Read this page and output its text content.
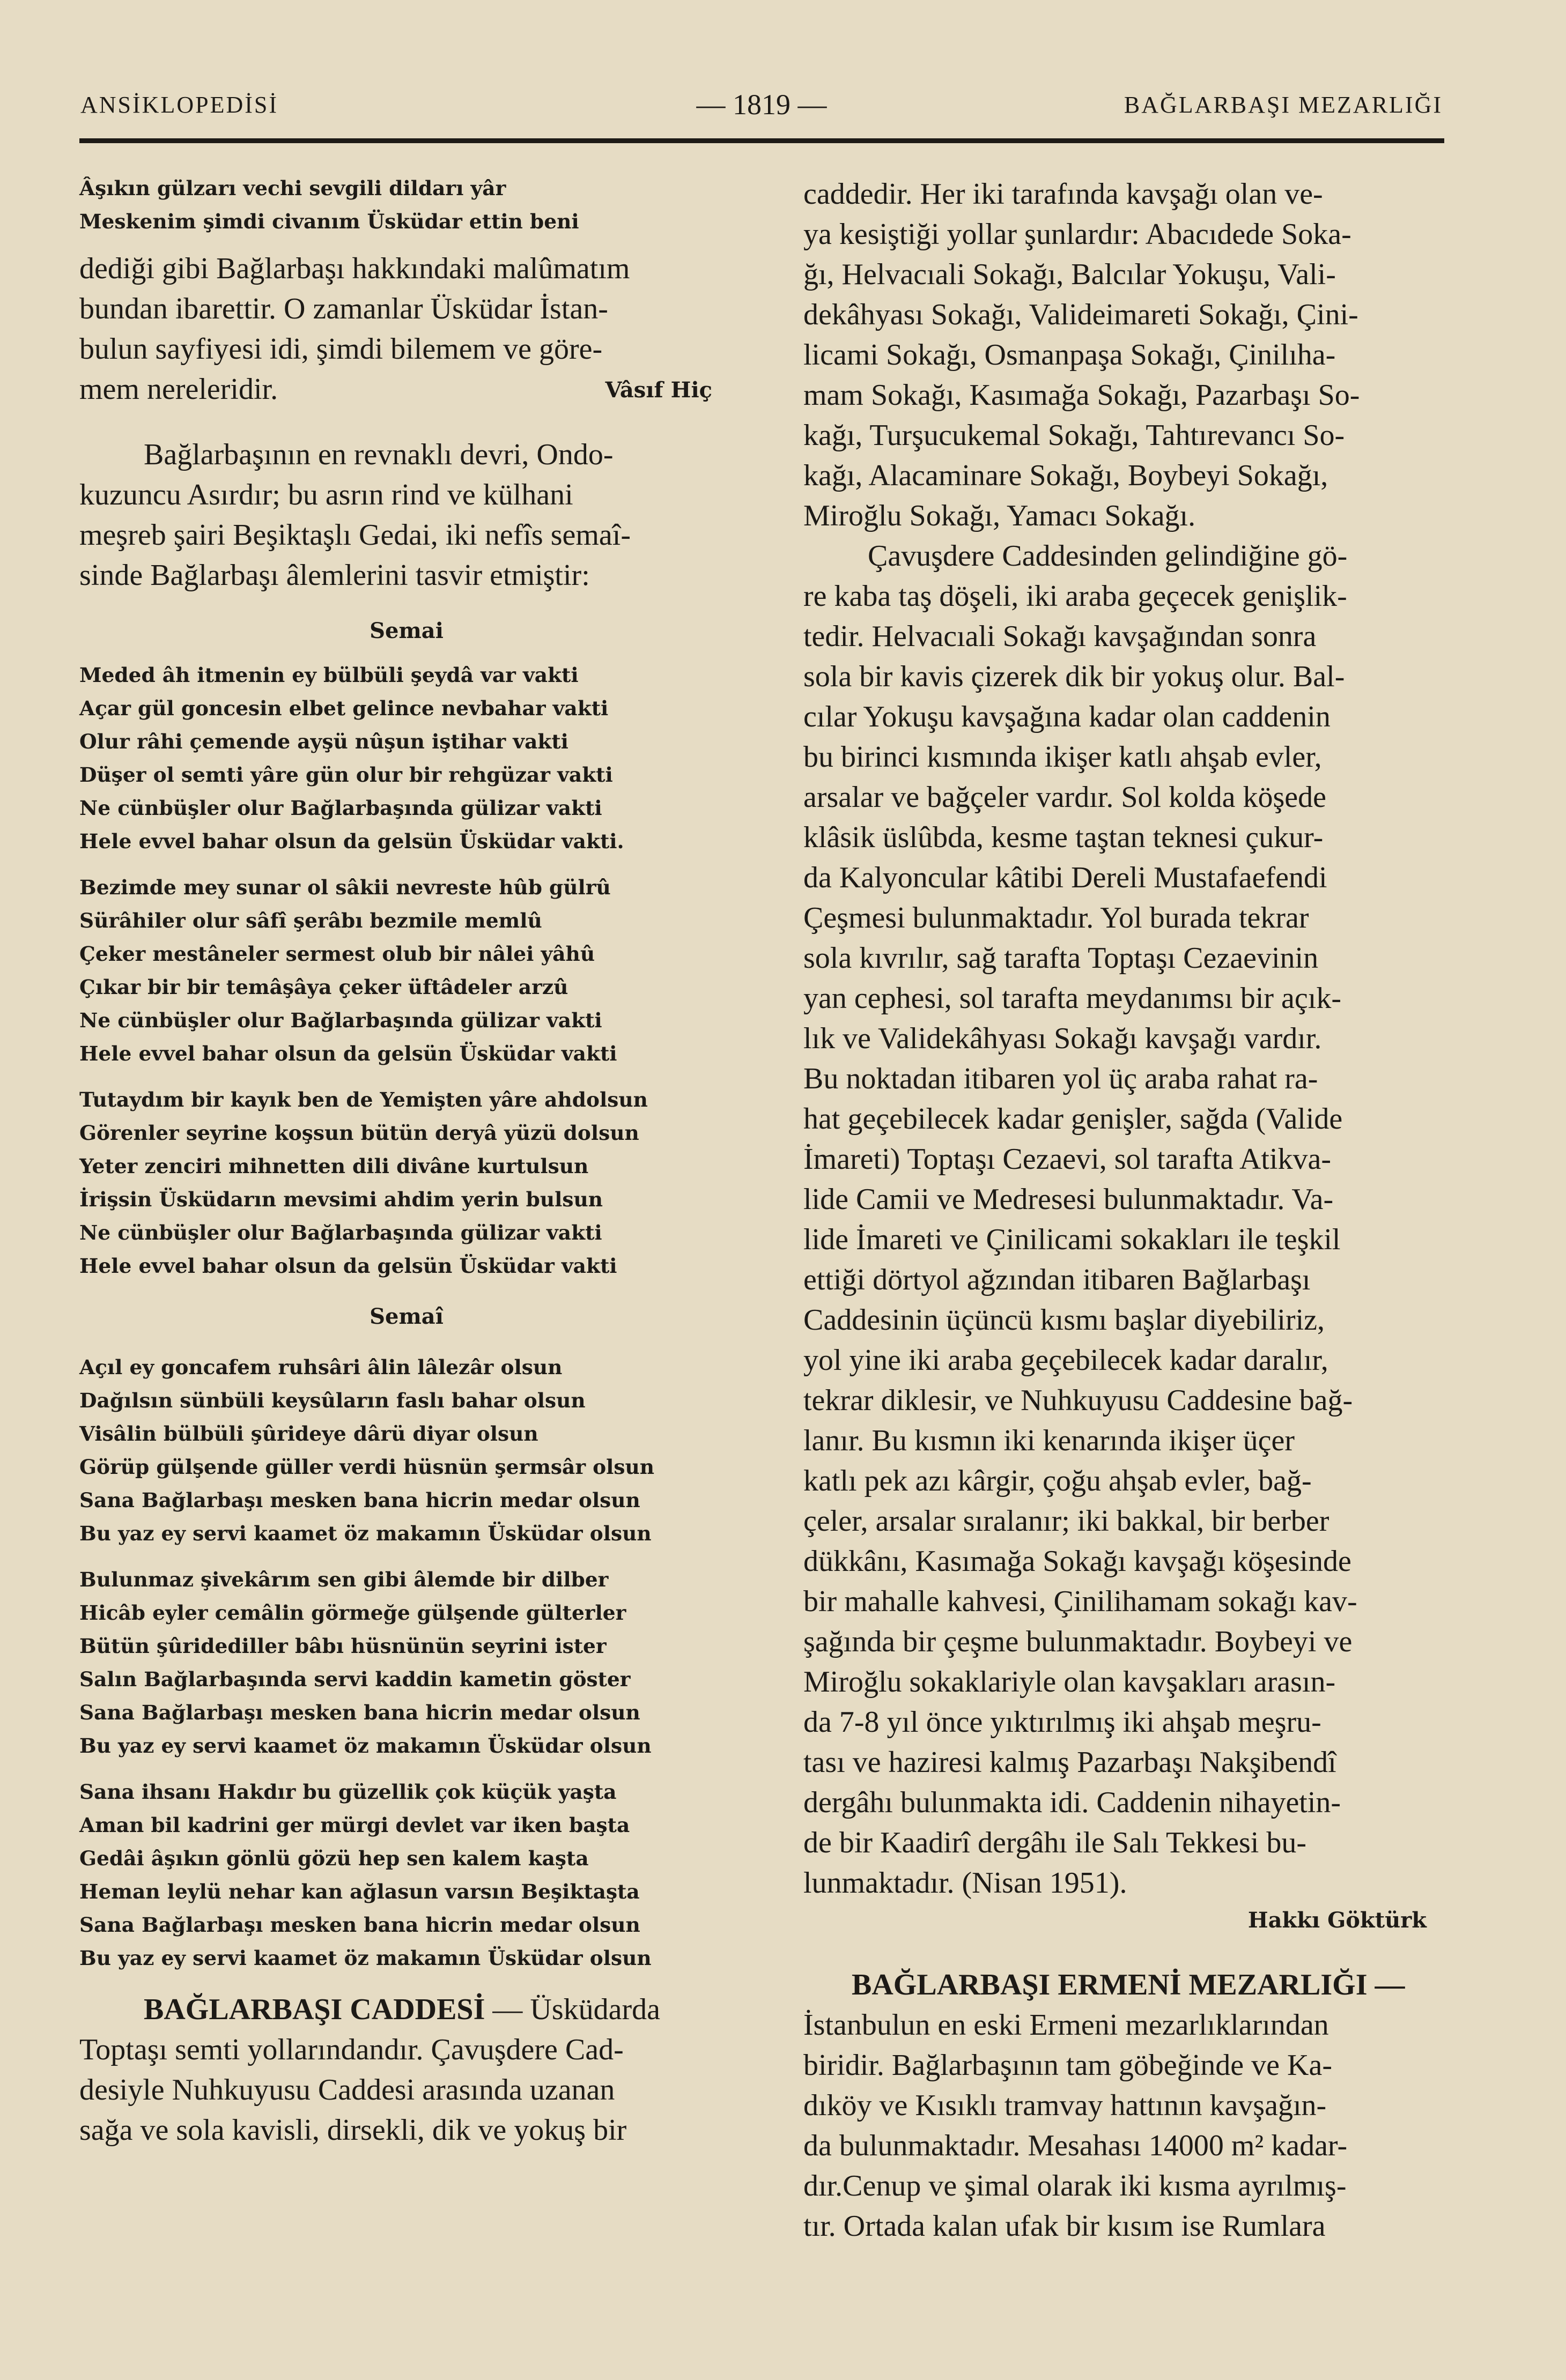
ANSİKLOPEDİSİ	— 1819 —	BAĞLARBAŞI MEZARLIĞI

Âşıkın gülzarı vechi sevgili dildarı yâr

Meskenim şimdi civanım Üsküdar ettin beni

dediği gibi Bağlarbaşı hakkındaki malûmatım
bundan ibarettir. O zamanlar Üsküdar İstan-
bulun sayfiyesi idi, şimdi bilemem ve göre-
mem nereleridir.	Vâsıf Hiç

Bağlarbaşının en revnaklı devri, Ondo-
kuzuncu Asırdır; bu asrın rind ve külhani
meşreb şairi Beşiktaşlı Gedai, iki nefîs semaî-
sinde Bağlarbaşı âlemlerini tasvir etmiştir:

Semai

Meded âh itmenin ey bülbüli şeydâ var vakti

Açar gül goncesin elbet gelince nevbahar vakti

Olur râhi çemende ayşü nûşun iştihar vakti

Düşer ol semti yâre gün olur bir rehgüzar vakti

Ne cünbüşler olur Bağlarbaşında gülizar vakti

Hele evvel bahar olsun da gelsün Üsküdar vakti.

Bezimde mey sunar ol sâkii nevreste hûb gülrû

Sürâhiler olur sâfî şerâbı bezmile memlû

Çeker mestâneler sermest olub bir nâlei yâhû

Çıkar bir bir temâşâya çeker üftâdeler arzû

Ne cünbüşler olur Bağlarbaşında gülizar vakti

Hele evvel bahar olsun da gelsün Üsküdar vakti

Tutaydım bir kayık ben de Yemişten yâre ahdolsun

Görenler seyrine koşsun bütün deryâ yüzü dolsun

Yeter zenciri mihnetten dili divâne kurtulsun

İrişsin Üsküdarın mevsimi ahdim yerin bulsun

Ne cünbüşler olur Bağlarbaşında gülizar vakti

Hele evvel bahar olsun da gelsün Üsküdar vakti

Semaî

Açıl ey goncafem ruhsâri âlin lâlezâr olsun

Dağılsın sünbüli keysûların faslı bahar olsun

Visâlin bülbüli şûrideye dârü diyar olsun

Görüp gülşende güller verdi hüsnün şermsâr olsun

Sana Bağlarbaşı mesken bana hicrin medar olsun

Bu yaz ey servi kaamet öz makamın Üsküdar olsun

Bulunmaz şivekârım sen gibi âlemde bir dilber

Hicâb eyler cemâlin görmeğe gülşende gülterler

Bütün şûridediller bâbı hüsnünün seyrini ister

Salın Bağlarbaşında servi kaddin kametin göster

Sana Bağlarbaşı mesken bana hicrin medar olsun

Bu yaz ey servi kaamet öz makamın Üsküdar olsun

Sana ihsanı Hakdır bu güzellik çok küçük yaşta

Aman bil kadrini ger mürgi devlet var iken başta

Gedâi âşıkın gönlü gözü hep sen kalem kaşta

Heman leylü nehar kan ağlasun varsın Beşiktaşta

Sana Bağlarbaşı mesken bana hicrin medar olsun

Bu yaz ey servi kaamet öz makamın Üsküdar olsun

BAĞLARBAŞI CADDESİ — Üsküdarda
Toptaşı semti yollarındandır. Çavuşdere Cad-
desiyle Nuhkuyusu Caddesi arasında uzanan
sağa ve sola kavisli, dirsekli, dik ve yokuş bir
caddedir. Her iki tarafında kavşağı olan ve-
ya kesiştiği yollar şunlardır: Abacıdede Soka-
ğı, Helvacıali Sokağı, Balcılar Yokuşu, Vali-
dekâhyası Sokağı, Valideimareti Sokağı, Çini-
licami Sokağı, Osmanpaşa Sokağı, Çinilıha-
mam Sokağı, Kasımağa Sokağı, Pazarbaşı So-
kağı, Turşucukemal Sokağı, Tahtırevancı So-
kağı, Alacaminare Sokağı, Boybeyi Sokağı,
Miroğlu Sokağı, Yamacı Sokağı.
Çavuşdere Caddesinden gelindiğine gö-
re kaba taş döşeli, iki araba geçecek genişlik-
tedir. Helvacıali Sokağı kavşağından sonra
sola bir kavis çizerek dik bir yokuş olur. Bal-
cılar Yokuşu kavşağına kadar olan caddenin
bu birinci kısmında ikişer katlı ahşab evler,
arsalar ve bağçeler vardır. Sol kolda köşede
klâsik üslûbda, kesme taştan teknesi çukur-
da Kalyoncular kâtibi Dereli Mustafaefendi
Çeşmesi bulunmaktadır. Yol burada tekrar
sola kıvrılır, sağ tarafta Toptaşı Cezaevinin
yan cephesi, sol tarafta meydanımsı bir açık-
lık ve Validekâhyası Sokağı kavşağı vardır.
Bu noktadan itibaren yol üç araba rahat ra-
hat geçebilecek kadar genişler, sağda (Valide
İmareti) Toptaşı Cezaevi, sol tarafta Atikva-
lide Camii ve Medresesi bulunmaktadır. Va-
lide İmareti ve Çinilicami sokakları ile teşkil
ettiği dörtyol ağzından itibaren Bağlarbaşı
Caddesinin üçüncü kısmı başlar diyebiliriz,
yol yine iki araba geçebilecek kadar daralır,
tekrar diklesir, ve Nuhkuyusu Caddesine bağ-
lanır. Bu kısmın iki kenarında ikişer üçer
katlı pek azı kârgir, çoğu ahşab evler, bağ-
çeler, arsalar sıralanır; iki bakkal, bir berber
dükkânı, Kasımağa Sokağı kavşağı köşesinde
bir mahalle kahvesi, Çinilihamam sokağı kav-
şağında bir çeşme bulunmaktadır. Boybeyi ve
Miroğlu sokaklariyle olan kavşakları arasın-
da 7-8 yıl önce yıktırılmış iki ahşab meşru-
tası ve haziresi kalmış Pazarbaşı Nakşibendî
dergâhı bulunmakta idi. Caddenin nihayetin-
de bir Kaadirî dergâhı ile Salı Tekkesi bu-
lunmaktadır. (Nisan 1951).

Hakkı Göktürk

BAĞLARBAŞI ERMENİ MEZARLIĞI —
İstanbulun en eski Ermeni mezarlıklarından
biridir. Bağlarbaşının tam göbeğinde ve Ka-
dıköy ve Kısıklı tramvay hattının kavşağın-
da bulunmaktadır. Mesahası 14000 m² kadar-
dır.Cenup ve şimal olarak iki kısma ayrılmış-
tır. Ortada kalan ufak bir kısım ise Rumlara
